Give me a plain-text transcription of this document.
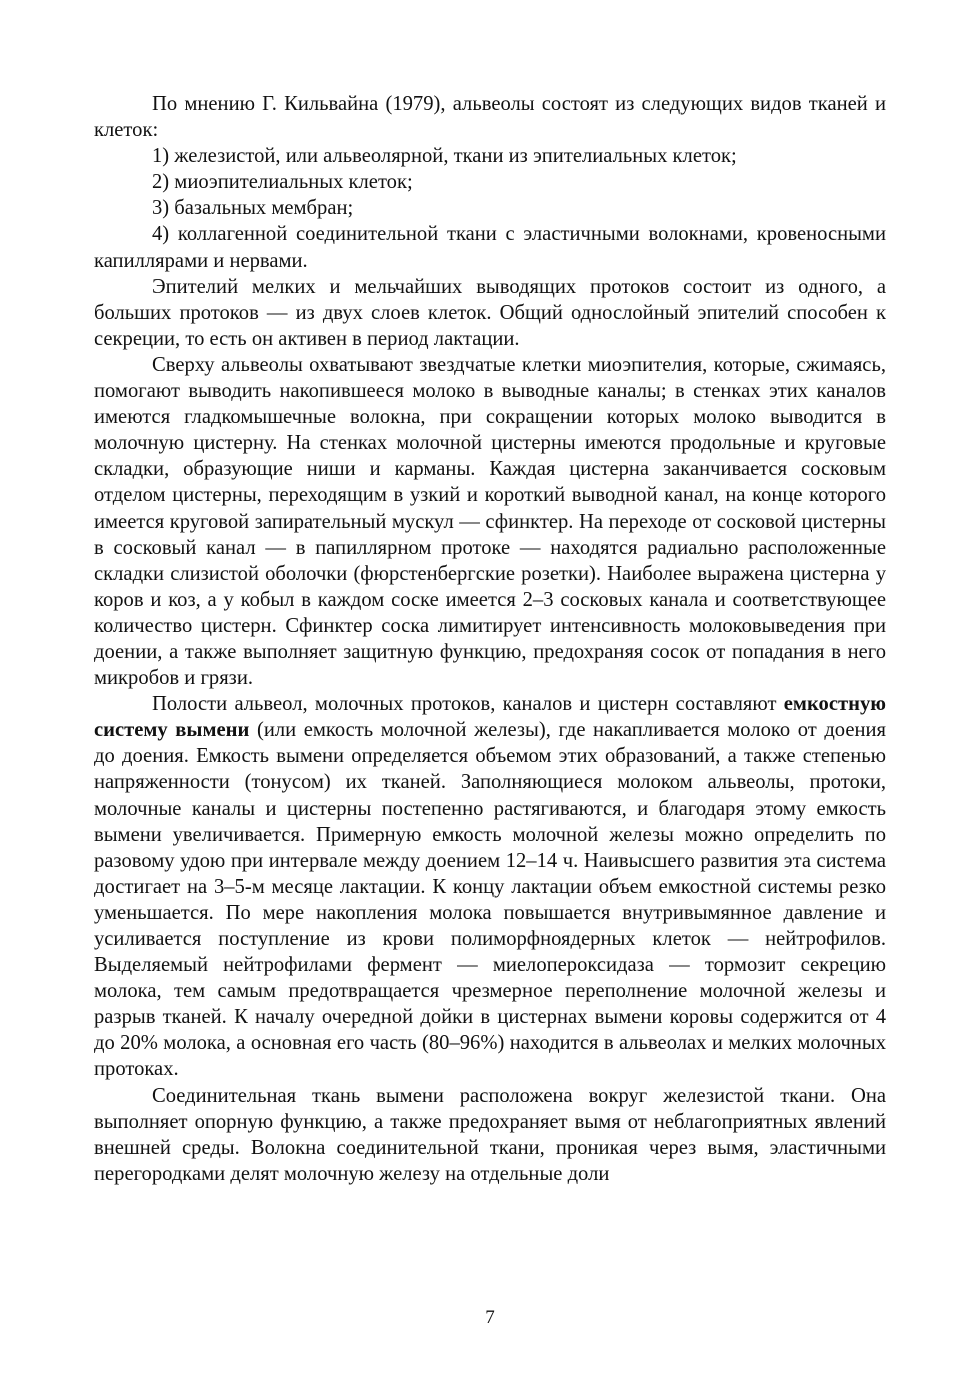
По мнению Г. Кильвайна (1979), альвеолы состоят из следующих видов тканей и клеток:

1) железистой, или альвеолярной, ткани из эпителиальных клеток;

2) миоэпителиальных клеток;

3) базальных мембран;

4) коллагенной соединительной ткани с эластичными волокнами, кровеносными капиллярами и нервами.

Эпителий мелких и мельчайших выводящих протоков состоит из одного, а больших протоков — из двух слоев клеток. Общий однослойный эпителий способен к секреции, то есть он активен в период лактации.

Сверху альвеолы охватывают звездчатые клетки миоэпителия, которые, сжимаясь, помогают выводить накопившееся молоко в выводные каналы; в стенках этих каналов имеются гладкомышечные волокна, при сокращении которых молоко выводится в молочную цистерну. На стенках молочной цистерны имеются продольные и круговые складки, образующие ниши и карманы. Каждая цистерна заканчивается сосковым отделом цистерны, переходящим в узкий и короткий выводной канал, на конце которого имеется круговой запирательный мускул — сфинктер. На переходе от сосковой цистерны в сосковый канал — в папиллярном протоке — находятся радиально расположенные складки слизистой оболочки (фюрстенбергские розетки). Наиболее выражена цистерна у коров и коз, а у кобыл в каждом соске имеется 2–3 сосковых канала и соответствующее количество цистерн. Сфинктер соска лимитирует интенсивность молоковыведения при доении, а также выполняет защитную функцию, предохраняя сосок от попадания в него микробов и грязи.

Полости альвеол, молочных протоков, каналов и цистерн составляют емкостную систему вымени (или емкость молочной железы), где накапливается молоко от доения до доения. Емкость вымени определяется объемом этих образований, а также степенью напряженности (тонусом) их тканей. Заполняющиеся молоком альвеолы, протоки, молочные каналы и цистерны постепенно растягиваются, и благодаря этому емкость вымени увеличивается. Примерную емкость молочной железы можно определить по разовому удою при интервале между доением 12–14 ч. Наивысшего развития эта система достигает на 3–5-м месяце лактации. К концу лактации объем емкостной системы резко уменьшается. По мере накопления молока повышается внутривымянное давление и усиливается поступление из крови полиморфноядерных клеток — нейтрофилов. Выделяемый нейтрофилами фермент — миелопероксидаза — тормозит секрецию молока, тем самым предотвращается чрезмерное переполнение молочной железы и разрыв тканей. К началу очередной дойки в цистернах вымени коровы содержится от 4 до 20% молока, а основная его часть (80–96%) находится в альвеолах и мелких молочных протоках.

Соединительная ткань вымени расположена вокруг железистой ткани. Она выполняет опорную функцию, а также предохраняет вымя от неблагоприятных явлений внешней среды. Волокна соединительной ткани, проникая через вымя, эластичными перегородками делят молочную железу на отдельные доли

7
